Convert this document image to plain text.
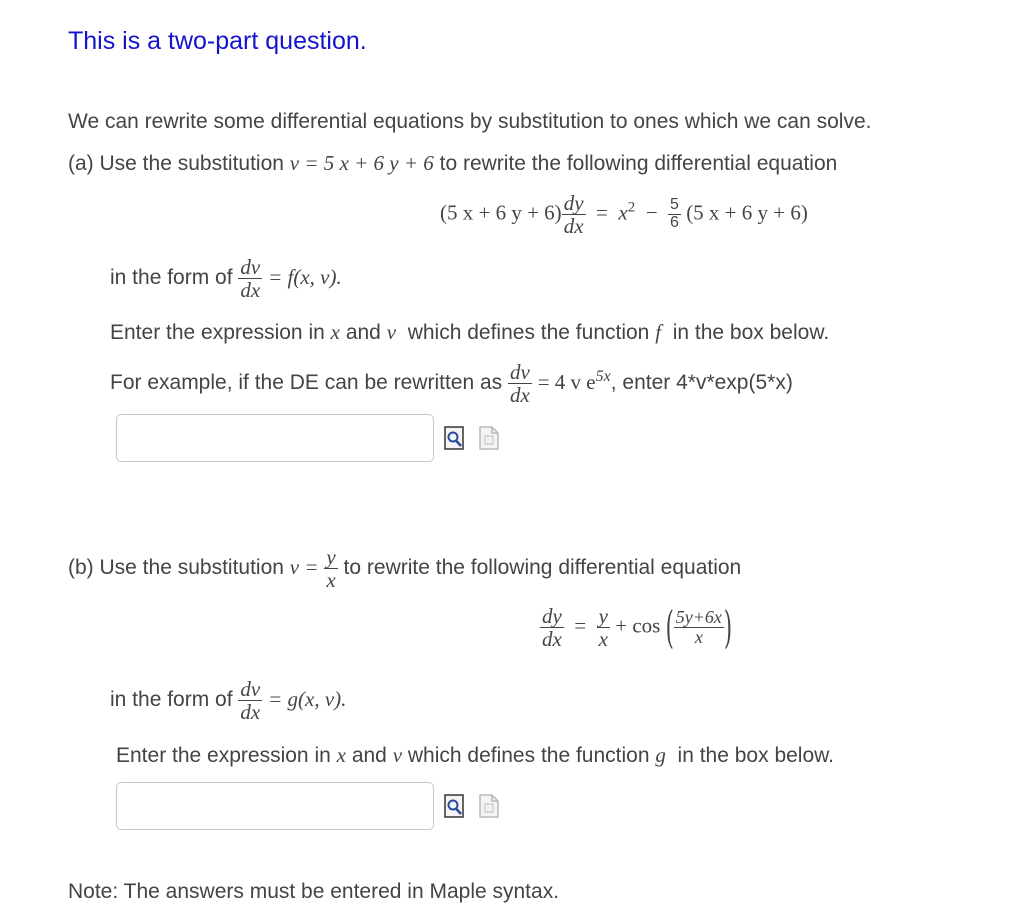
This is a two-part question.
We can rewrite some differential equations by substitution to ones which we can solve.
(a) Use the substitution v = 5 x + 6 y + 6 to rewrite the following differential equation
(5 x + 6 $y + 6) \frac{dy}{dx} = x^2 - \frac{5}{6} (5$ x + 6 y + 6)
in the form of $\frac{dv}{dx} = f(x$, v).
Enter the expression in x and v which defines the function f in the box below.
For example, if the DE can be rewritten as $\frac{dv}{dx} = 4$ v $e^{5x}$, enter 4*v*exp(5*x)
(b) Use the substitution $v = \frac{y}{x}$ to rewrite the following differential equation
$\frac{dy}{dx} = \frac{y}{x} + \cos$ ( $\frac{5y+6x}{x}$ )
in the form of $\frac{dv}{dx} = g(x$, v).
Enter the expression in x and v which defines the function g in the box below.
Note: The answers must be entered in Maple syntax.
